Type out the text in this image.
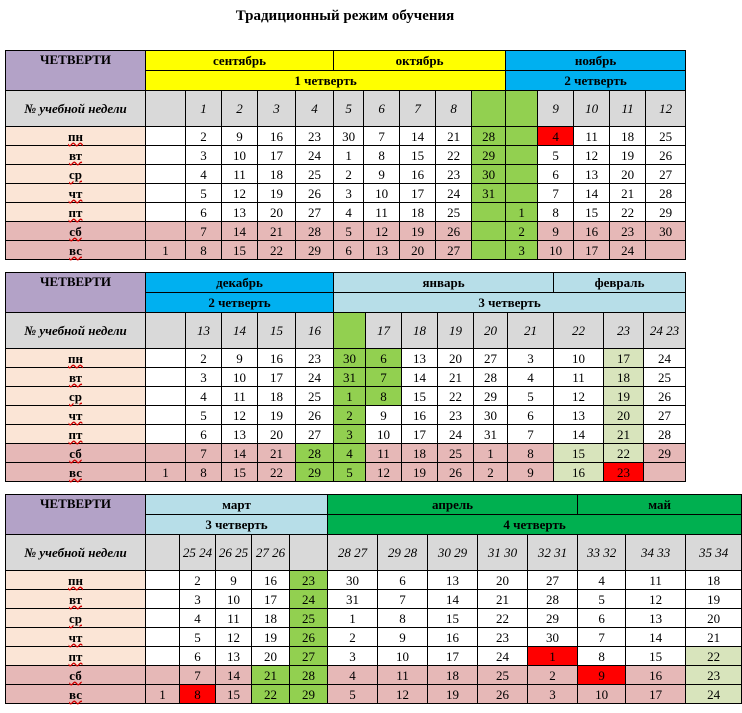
Традиционный режим обучения
ЧЕТВЕРТИ	сентябрь					октябрь					ноябрь				
	1 четверть										2 четверть				
№ учебной недели		1	2	3	4	5	6	7	8			9	10	11	12
пн		2	9	16	23	30	7	14	21	28		4	11	18	25
вт		3	10	17	24	1	8	15	22	29		5	12	19	26
ср		4	11	18	25	2	9	16	23	30		6	13	20	27
чт		5	12	19	26	3	10	17	24	31		7	14	21	28
пт		6	13	20	27	4	11	18	25		1	8	15	22	29
сб		7	14	21	28	5	12	19	26		2	9	16	23	30
вс	1	8	15	22	29	6	13	20	27		3	10	17	24	
ЧЕТВЕРТИ	декабрь					январь						февраль		
	2 четверть					3 четверть								
№ учебной недели		13	14	15	16		17	18	19	20	21	22	23	24 23
пн		2	9	16	23	30	6	13	20	27	3	10	17	24
вт		3	10	17	24	31	7	14	21	28	4	11	18	25
ср		4	11	18	25	1	8	15	22	29	5	12	19	26
чт		5	12	19	26	2	9	16	23	30	6	13	20	27
пт		6	13	20	27	3	10	17	24	31	7	14	21	28
сб		7	14	21	28	4	11	18	25	1	8	15	22	29
вс	1	8	15	22	29	5	12	19	26	2	9	16	23	
ЧЕТВЕРТИ	март					апрель					май		
	3 четверть					4 четверть							
№ учебной недели		25 24	26 25	27 26		28 27	29 28	30 29	31 30	32 31	33 32	34 33	35 34
пн		2	9	16	23	30	6	13	20	27	4	11	18
вт		3	10	17	24	31	7	14	21	28	5	12	19
ср		4	11	18	25	1	8	15	22	29	6	13	20
чт		5	12	19	26	2	9	16	23	30	7	14	21
пт		6	13	20	27	3	10	17	24	1	8	15	22
сб		7	14	21	28	4	11	18	25	2	9	16	23
вс	1	8	15	22	29	5	12	19	26	3	10	17	24
